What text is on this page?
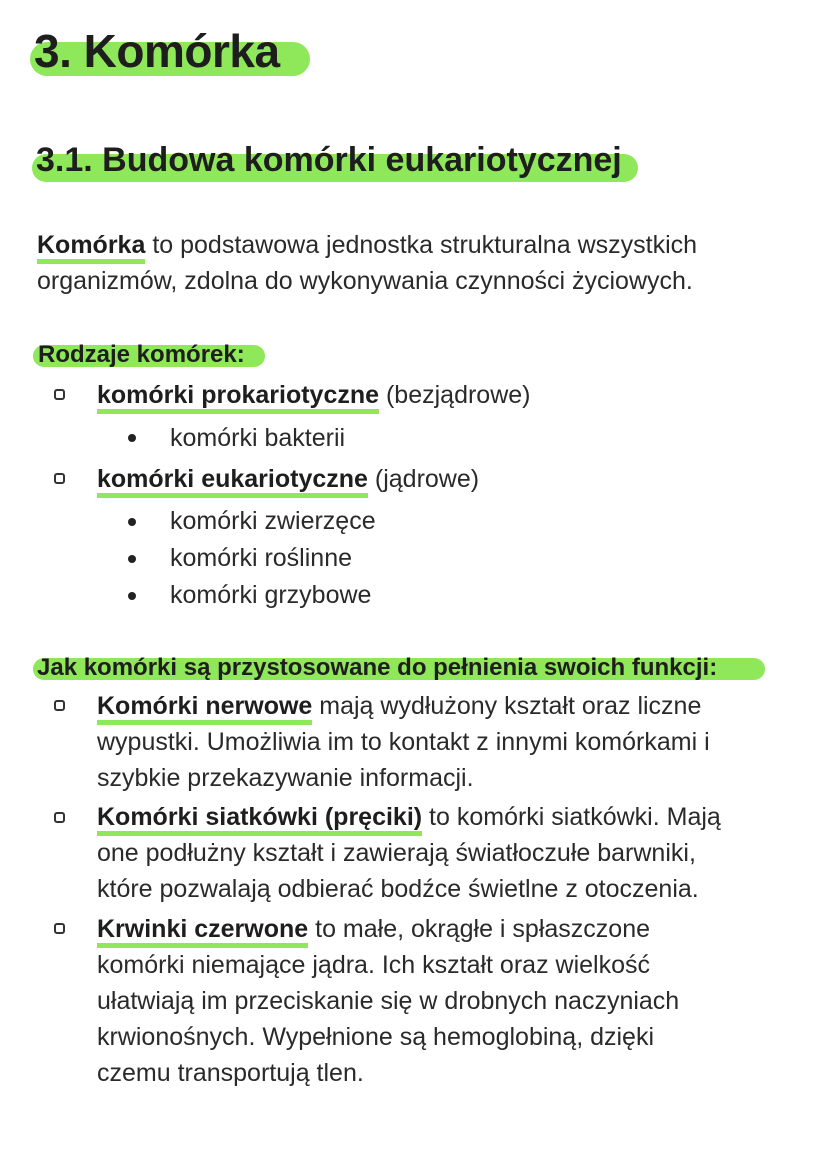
3. Komórka
3.1. Budowa komórki eukariotycznej
Komórka to podstawowa jednostka strukturalna wszystkich
organizmów, zdolna do wykonywania czynności życiowych.
Rodzaje komórek:
komórki prokariotyczne (bezjądrowe)
komórki bakterii
komórki eukariotyczne (jądrowe)
komórki zwierzęce
komórki roślinne
komórki grzybowe
Jak komórki są przystosowane do pełnienia swoich funkcji:
Komórki nerwowe mają wydłużony kształt oraz liczne
wypustki. Umożliwia im to kontakt z innymi komórkami i
szybkie przekazywanie informacji.
Komórki siatkówki (pręciki) to komórki siatkówki. Mają
one podłużny kształt i zawierają światłoczułe barwniki,
które pozwalają odbierać bodźce świetlne z otoczenia.
Krwinki czerwone to małe, okrągłe i spłaszczone
komórki niemające jądra. Ich kształt oraz wielkość
ułatwiają im przeciskanie się w drobnych naczyniach
krwionośnych. Wypełnione są hemoglobiną, dzięki
czemu transportują tlen.
